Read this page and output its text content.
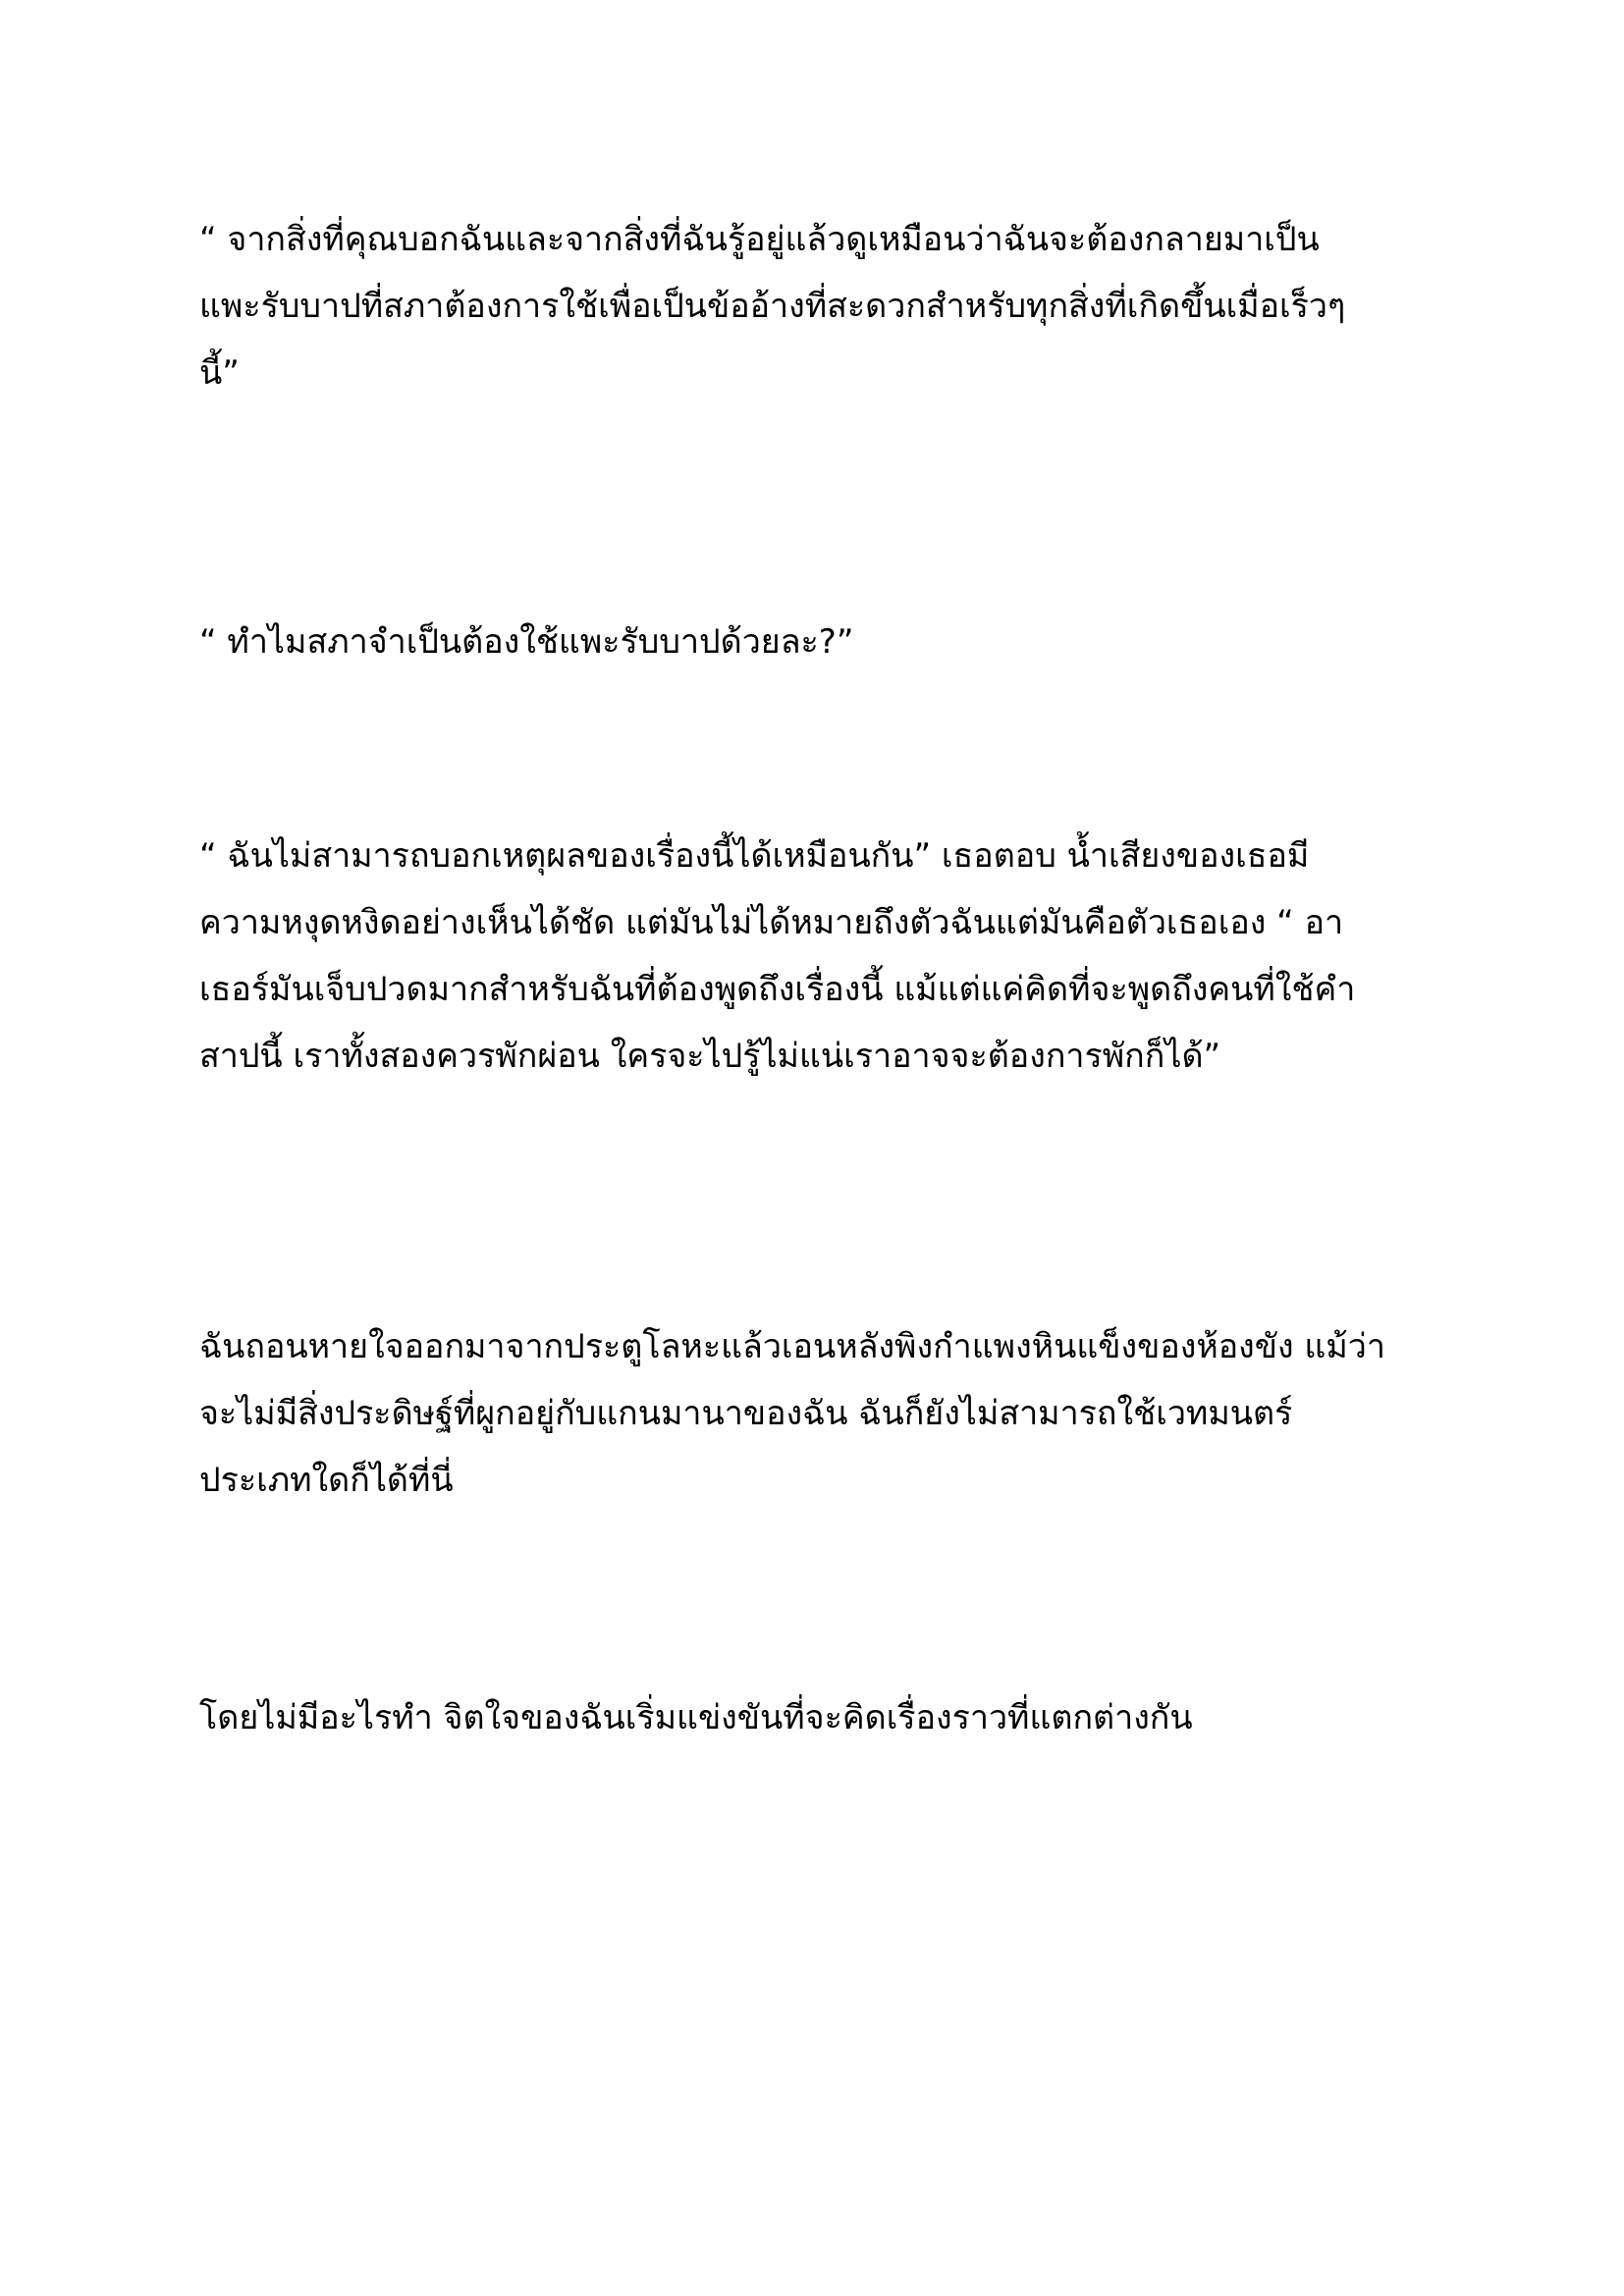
“ จากสิ่งที่คุณบอกฉันและจากสิ่งที่ฉันรู้อยู่แล้วดูเหมือนว่าฉันจะต้องกลายมาเป็น
แพะรับบาปที่สภาต้องการใช้เพื่อเป็นข้ออ้างที่สะดวกสำหรับทุกสิ่งที่เกิดขึ้นเมื่อเร็วๆ
นี้”
“ ทำไมสภาจำเป็นต้องใช้แพะรับบาปด้วยละ?”
“ ฉันไม่สามารถบอกเหตุผลของเรื่องนี้ได้เหมือนกัน” เธอตอบ น้ำเสียงของเธอมี
ความหงุดหงิดอย่างเห็นได้ชัด แต่มันไม่ได้หมายถึงตัวฉันแต่มันคือตัวเธอเอง “ อา
เธอร์มันเจ็บปวดมากสำหรับฉันที่ต้องพูดถึงเรื่องนี้ แม้แต่แค่คิดที่จะพูดถึงคนที่ใช้คำ
สาปนี้ เราทั้งสองควรพักผ่อน ใครจะไปรู้ไม่แน่เราอาจจะต้องการพักก็ได้”
ฉันถอนหายใจออกมาจากประตูโลหะแล้วเอนหลังพิงกำแพงหินแข็งของห้องขัง แม้ว่า
จะไม่มีสิ่งประดิษฐ์ที่ผูกอยู่กับแกนมานาของฉัน ฉันก็ยังไม่สามารถใช้เวทมนตร์
ประเภทใดก็ได้ที่นี่
โดยไม่มีอะไรทำ จิตใจของฉันเริ่มแข่งขันที่จะคิดเรื่องราวที่แตกต่างกัน
